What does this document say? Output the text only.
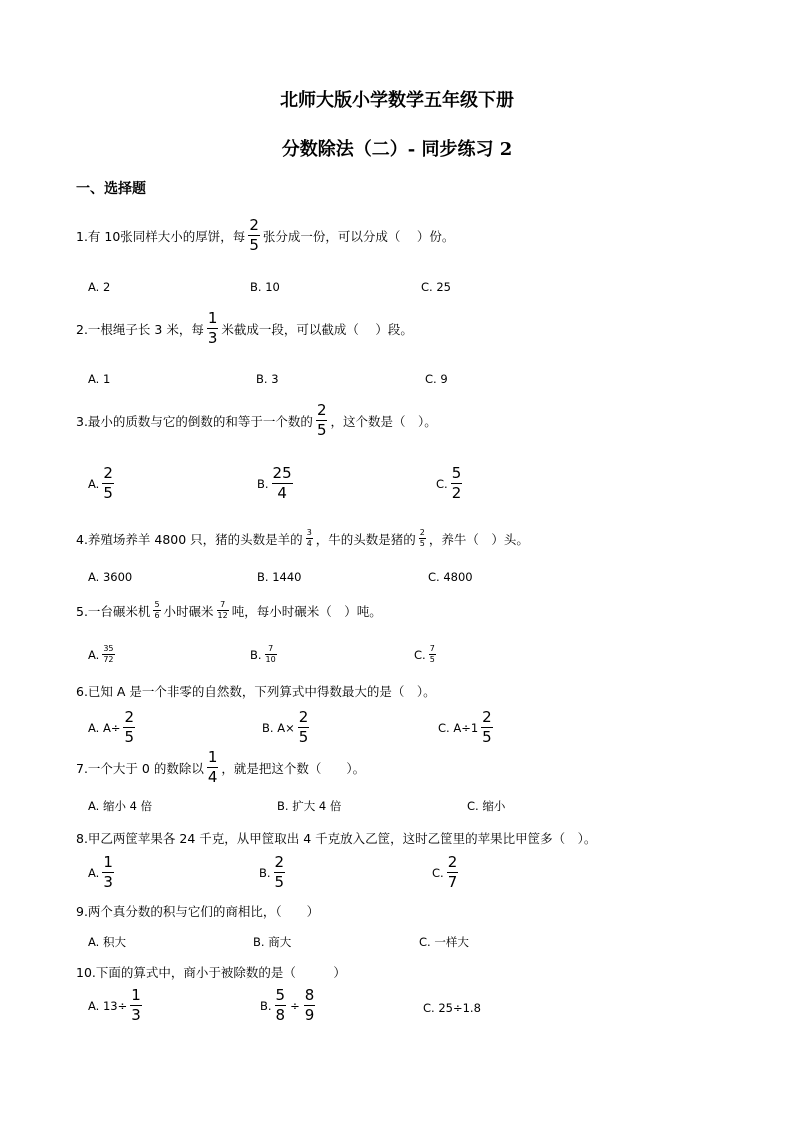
北师大版小学数学五年级下册
分数除法（二）- 同步练习 2
一、选择题
1.有 10张同样大小的厚饼，每 $\frac{2}{5}$ 张分成一份，可以分成（　 ）份。
A. 2	B. 10	C. 25
2.一根绳子长 3 米，每 $\frac{1}{3}$ 米截成一段，可以截成（　 ）段。
A. 1	B. 3	C. 9
3.最小的质数与它的倒数的和等于一个数的 $\frac{2}{5}$ ，这个数是（　）。
A. $\frac{2}{5}$	B. $\frac{25}{4}$	C. $\frac{5}{2}$
4.养殖场养羊 4800 只，猪的头数是羊的 $\frac{3}{4}$ ，牛的头数是猪的 $\frac{2}{5}$ ，养牛（　）头。
A. 3600	B. 1440	C. 4800
5.一台碾米机 $\frac{5}{6}$ 小时碾米 $\frac{7}{12}$ 吨，每小时碾米（　）吨。
A. $\frac{35}{72}$	B. $\frac{7}{10}$	C. $\frac{7}{5}$
6.已知 A 是一个非零的自然数，下列算式中得数最大的是（　）。
A. $A\div \frac{2}{5}$	B. $A\times \frac{2}{5}$	C. $A\div 1 \frac{2}{5}$
7.一个大于 0 的数除以 $\frac{1}{4}$ ，就是把这个数（　　）。
A. 缩小 4 倍	B. 扩大 4 倍	C. 缩小
8.甲乙两筐苹果各 24 千克，从甲筐取出 4 千克放入乙筐，这时乙筐里的苹果比甲筐多（　）。
A. $\frac{1}{3}$	B. $\frac{2}{5}$	C. $\frac{2}{7}$
9.两个真分数的积与它们的商相比，（　　）
A. 积大	B. 商大	C. 一样大
10.下面的算式中，商小于被除数的是（　　　）
A. $13\div \frac{1}{3}$	B. $\frac{5}{8} \div \frac{8}{9}$	C. 25÷1.8
